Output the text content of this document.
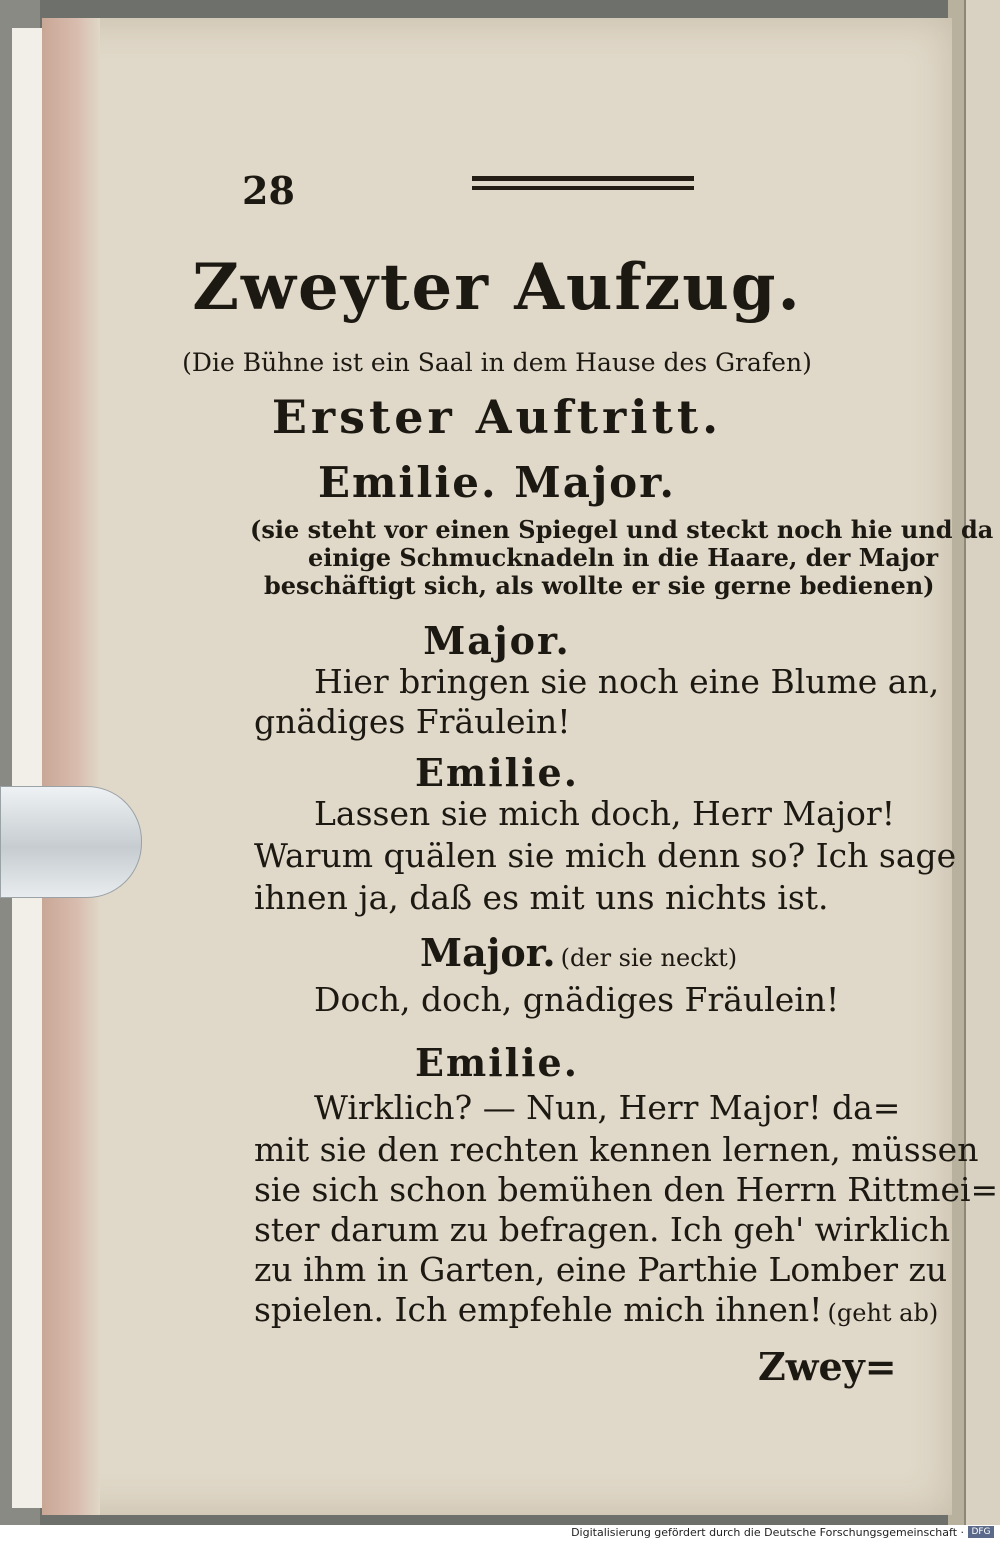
28
Zweyter Aufzug.
(Die Bühne ist ein Saal in dem Hause des Grafen)
Erster Auftritt.
Emilie. Major.
(sie steht vor einen Spiegel und steckt noch hie und da
einige Schmucknadeln in die Haare, der Major
beschäftigt sich, als wollte er sie gerne bedienen)
Major.
Hier bringen sie noch eine Blume an,
gnädiges Fräulein!
Emilie.
Lassen sie mich doch, Herr Major!
Warum quälen sie mich denn so? Ich sage
ihnen ja, daß es mit uns nichts ist.
Major. (der sie neckt)
Doch, doch, gnädiges Fräulein!
Emilie.
Wirklich? — Nun, Herr Major! da=
mit sie den rechten kennen lernen, müssen
sie sich schon bemühen den Herrn Rittmei=
ster darum zu befragen. Ich geh' wirklich
zu ihm in Garten, eine Parthie Lomber zu
spielen. Ich empfehle mich ihnen! (geht ab)
Zwey=
Digitalisierung gefördert durch die Deutsche Forschungsgemeinschaft · DFG
